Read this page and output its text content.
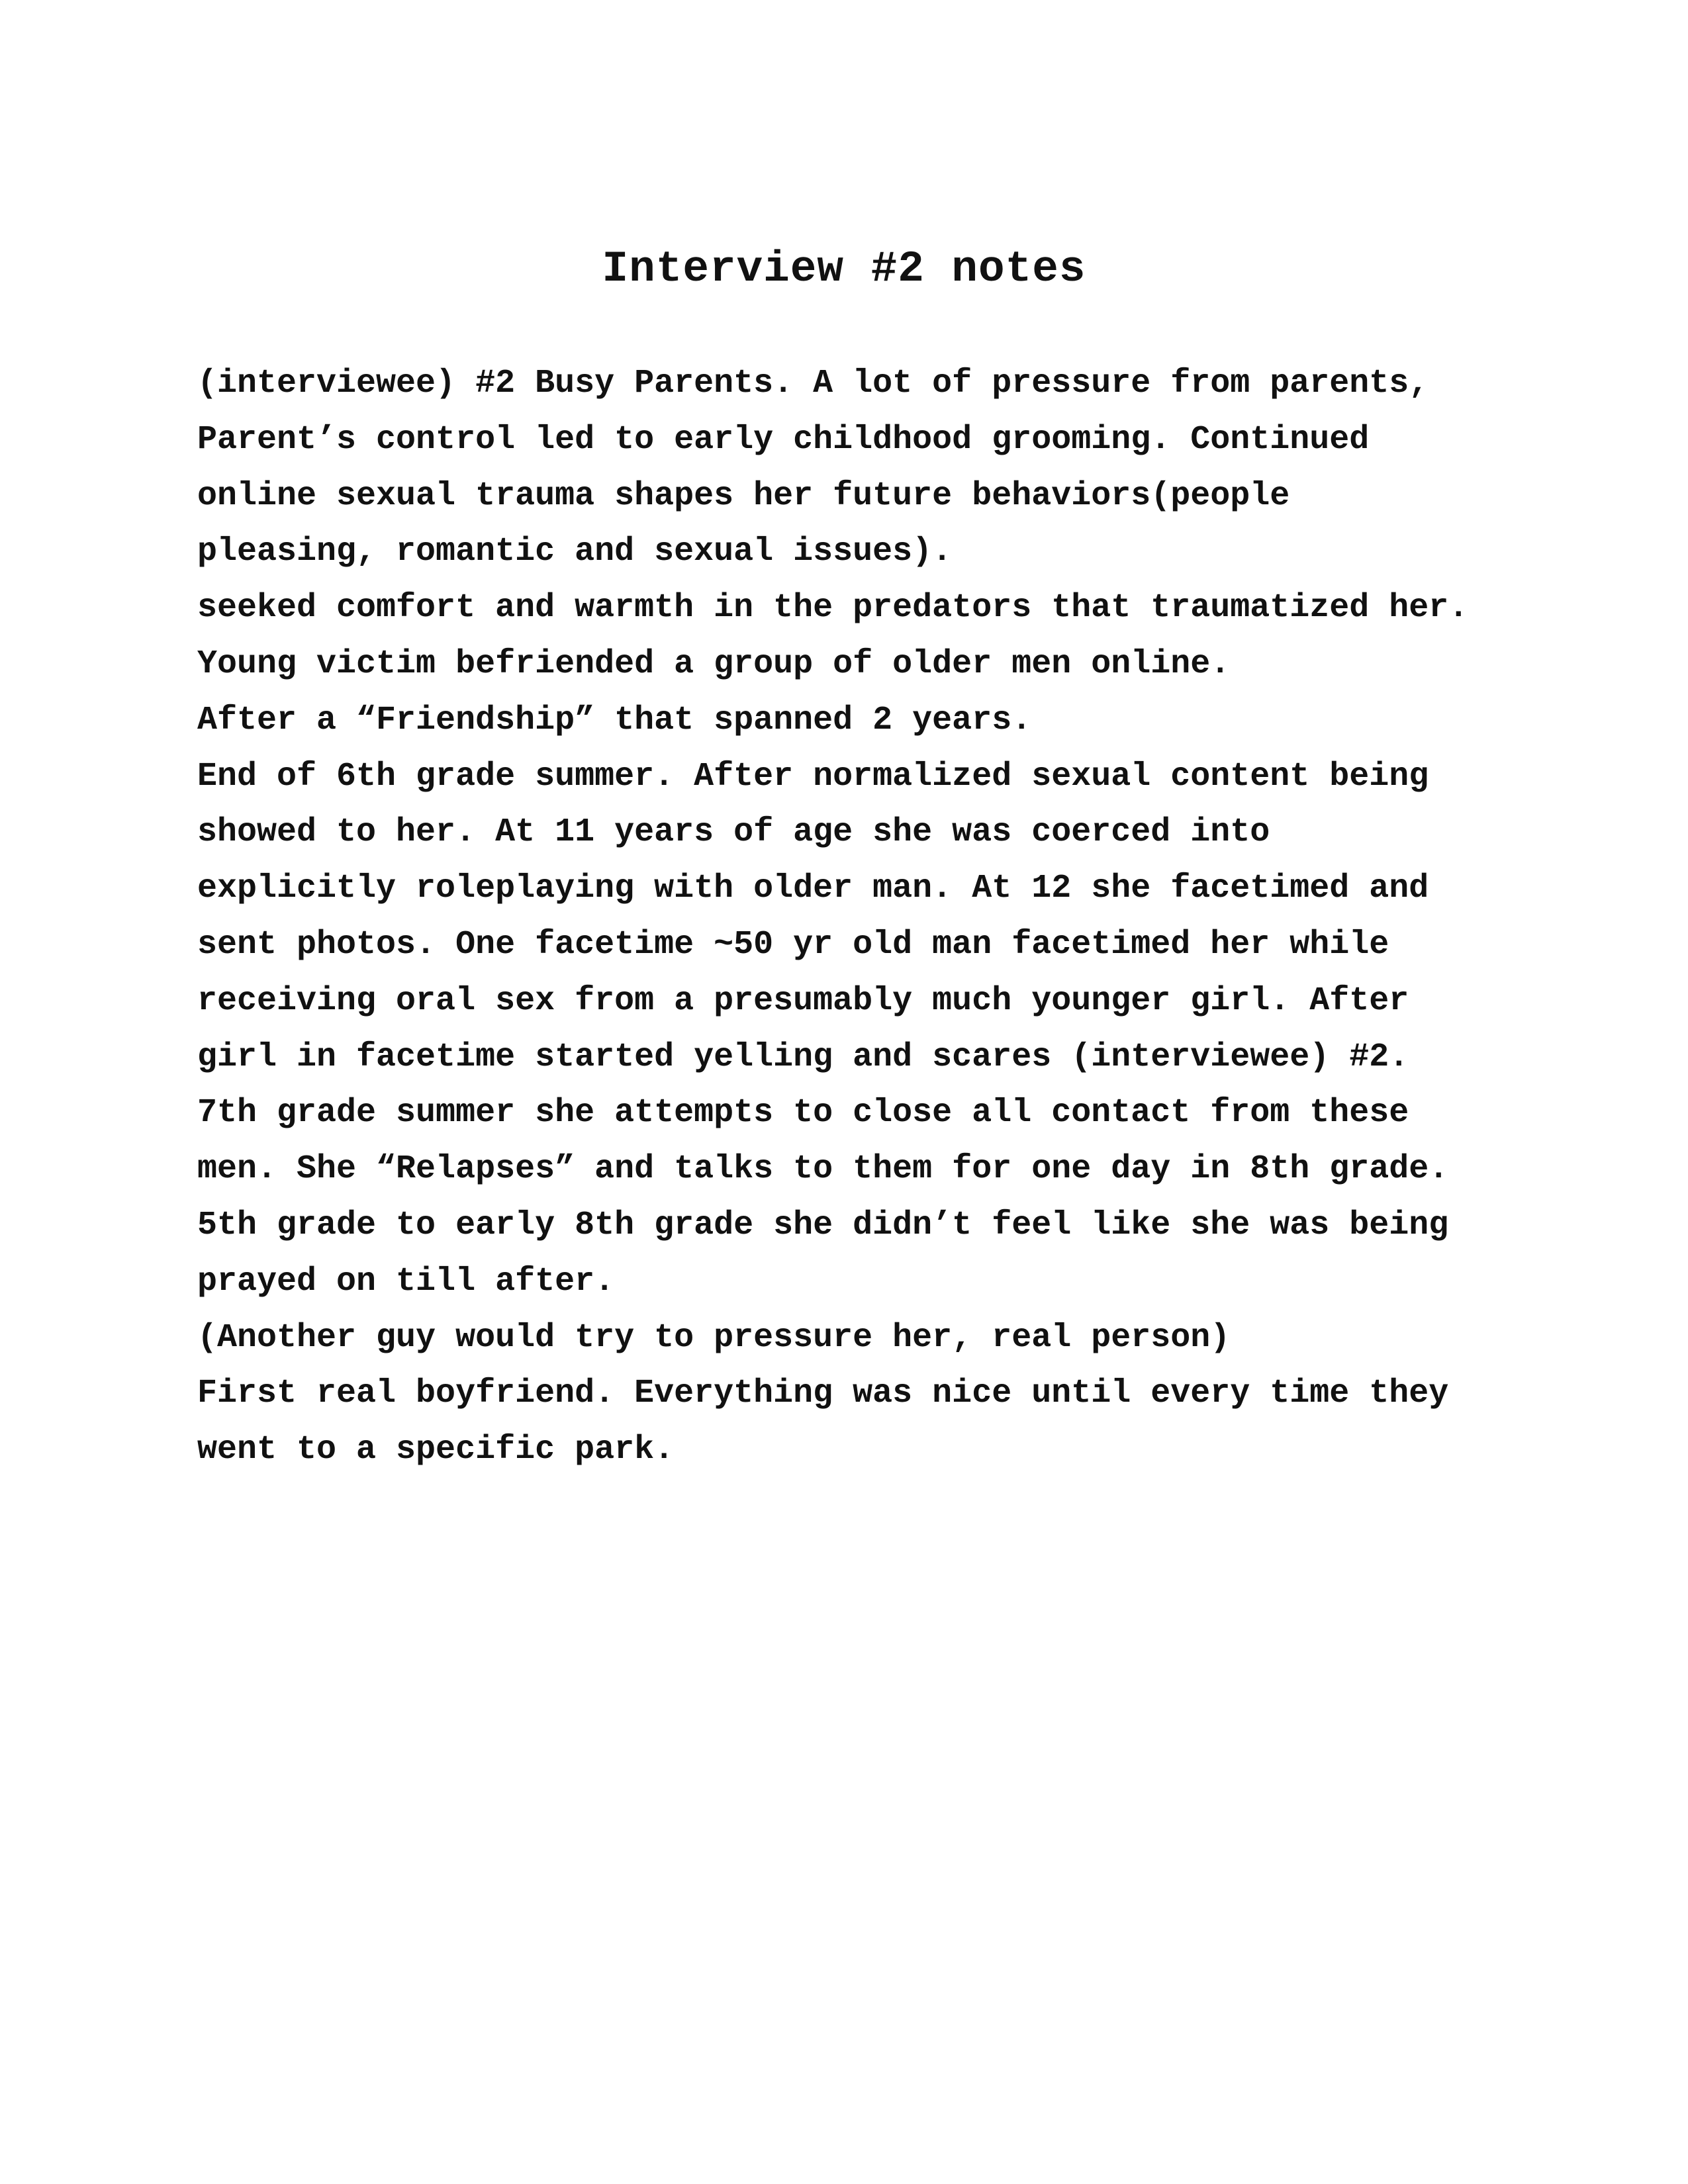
Interview #2 notes

(interviewee) #2 Busy Parents. A lot of pressure from parents,

Parent’s control led to early childhood grooming. Continued

online sexual trauma shapes her future behaviors(people

pleasing, romantic and sexual issues).

seeked comfort and warmth in the predators that traumatized her.

Young victim befriended a group of older men online.

After a “Friendship” that spanned 2 years.

End of 6th grade summer. After normalized sexual content being

showed to her. At 11 years of age she was coerced into

explicitly roleplaying with older man. At 12 she facetimed and

sent photos. One facetime ~50 yr old man facetimed her while

receiving oral sex from a presumably much younger girl. After

girl in facetime started yelling and scares (interviewee) #2.

7th grade summer she attempts to close all contact from these

men. She “Relapses” and talks to them for one day in 8th grade.

5th grade to early 8th grade she didn’t feel like she was being

prayed on till after.

(Another guy would try to pressure her, real person)

First real boyfriend. Everything was nice until every time they

went to a specific park.
